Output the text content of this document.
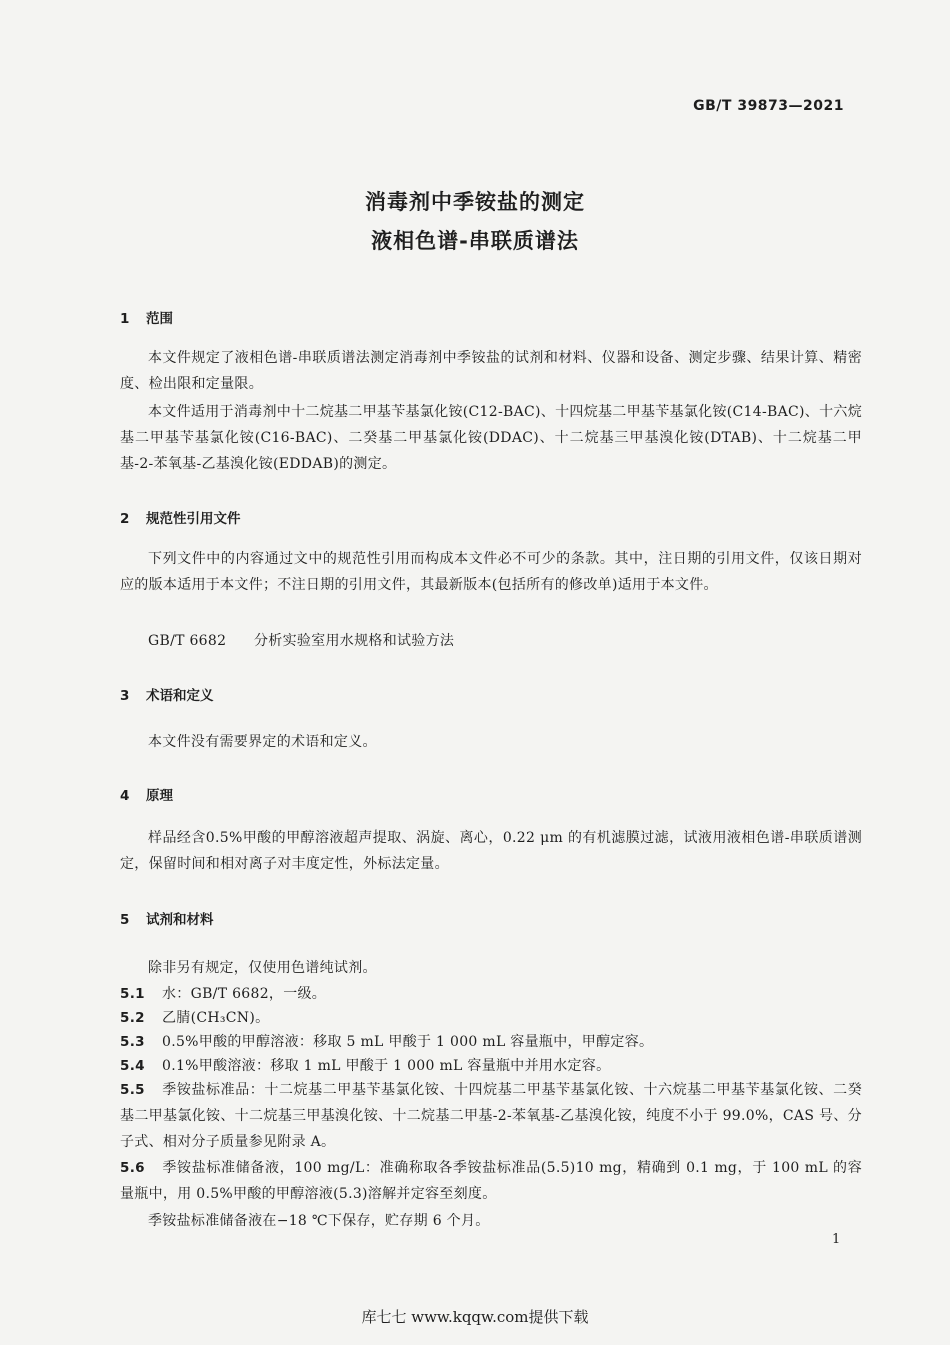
GB/T 39873—2021
消毒剂中季铵盐的测定
液相色谱-串联质谱法
1 范围
本文件规定了液相色谱-串联质谱法测定消毒剂中季铵盐的试剂和材料、仪器和设备、测定步骤、结果计算、精密度、检出限和定量限。
本文件适用于消毒剂中十二烷基二甲基苄基氯化铵(C12-BAC)、十四烷基二甲基苄基氯化铵(C14-BAC)、十六烷基二甲基苄基氯化铵(C16-BAC)、二癸基二甲基氯化铵(DDAC)、十二烷基三甲基溴化铵(DTAB)、十二烷基二甲基-2-苯氧基-乙基溴化铵(EDDAB)的测定。
2 规范性引用文件
下列文件中的内容通过文中的规范性引用而构成本文件必不可少的条款。其中，注日期的引用文件，仅该日期对应的版本适用于本文件；不注日期的引用文件，其最新版本(包括所有的修改单)适用于本文件。
GB/T 6682 分析实验室用水规格和试验方法
3 术语和定义
本文件没有需要界定的术语和定义。
4 原理
样品经含0.5%甲酸的甲醇溶液超声提取、涡旋、离心，0.22 μm 的有机滤膜过滤，试液用液相色谱-串联质谱测定，保留时间和相对离子对丰度定性，外标法定量。
5 试剂和材料
除非另有规定，仅使用色谱纯试剂。
5.1 水：GB/T 6682，一级。
5.2 乙腈(CH₃CN)。
5.3 0.5%甲酸的甲醇溶液：移取 5 mL 甲酸于 1 000 mL 容量瓶中，甲醇定容。
5.4 0.1%甲酸溶液：移取 1 mL 甲酸于 1 000 mL 容量瓶中并用水定容。
5.5 季铵盐标准品：十二烷基二甲基苄基氯化铵、十四烷基二甲基苄基氯化铵、十六烷基二甲基苄基氯化铵、二癸基二甲基氯化铵、十二烷基三甲基溴化铵、十二烷基二甲基-2-苯氧基-乙基溴化铵，纯度不小于 99.0%，CAS 号、分子式、相对分子质量参见附录 A。
5.6 季铵盐标准储备液，100 mg/L：准确称取各季铵盐标准品(5.5)10 mg，精确到 0.1 mg，于 100 mL 的容量瓶中，用 0.5%甲酸的甲醇溶液(5.3)溶解并定容至刻度。
季铵盐标准储备液在−18 ℃下保存，贮存期 6 个月。
1
库七七 www.kqqw.com提供下载
